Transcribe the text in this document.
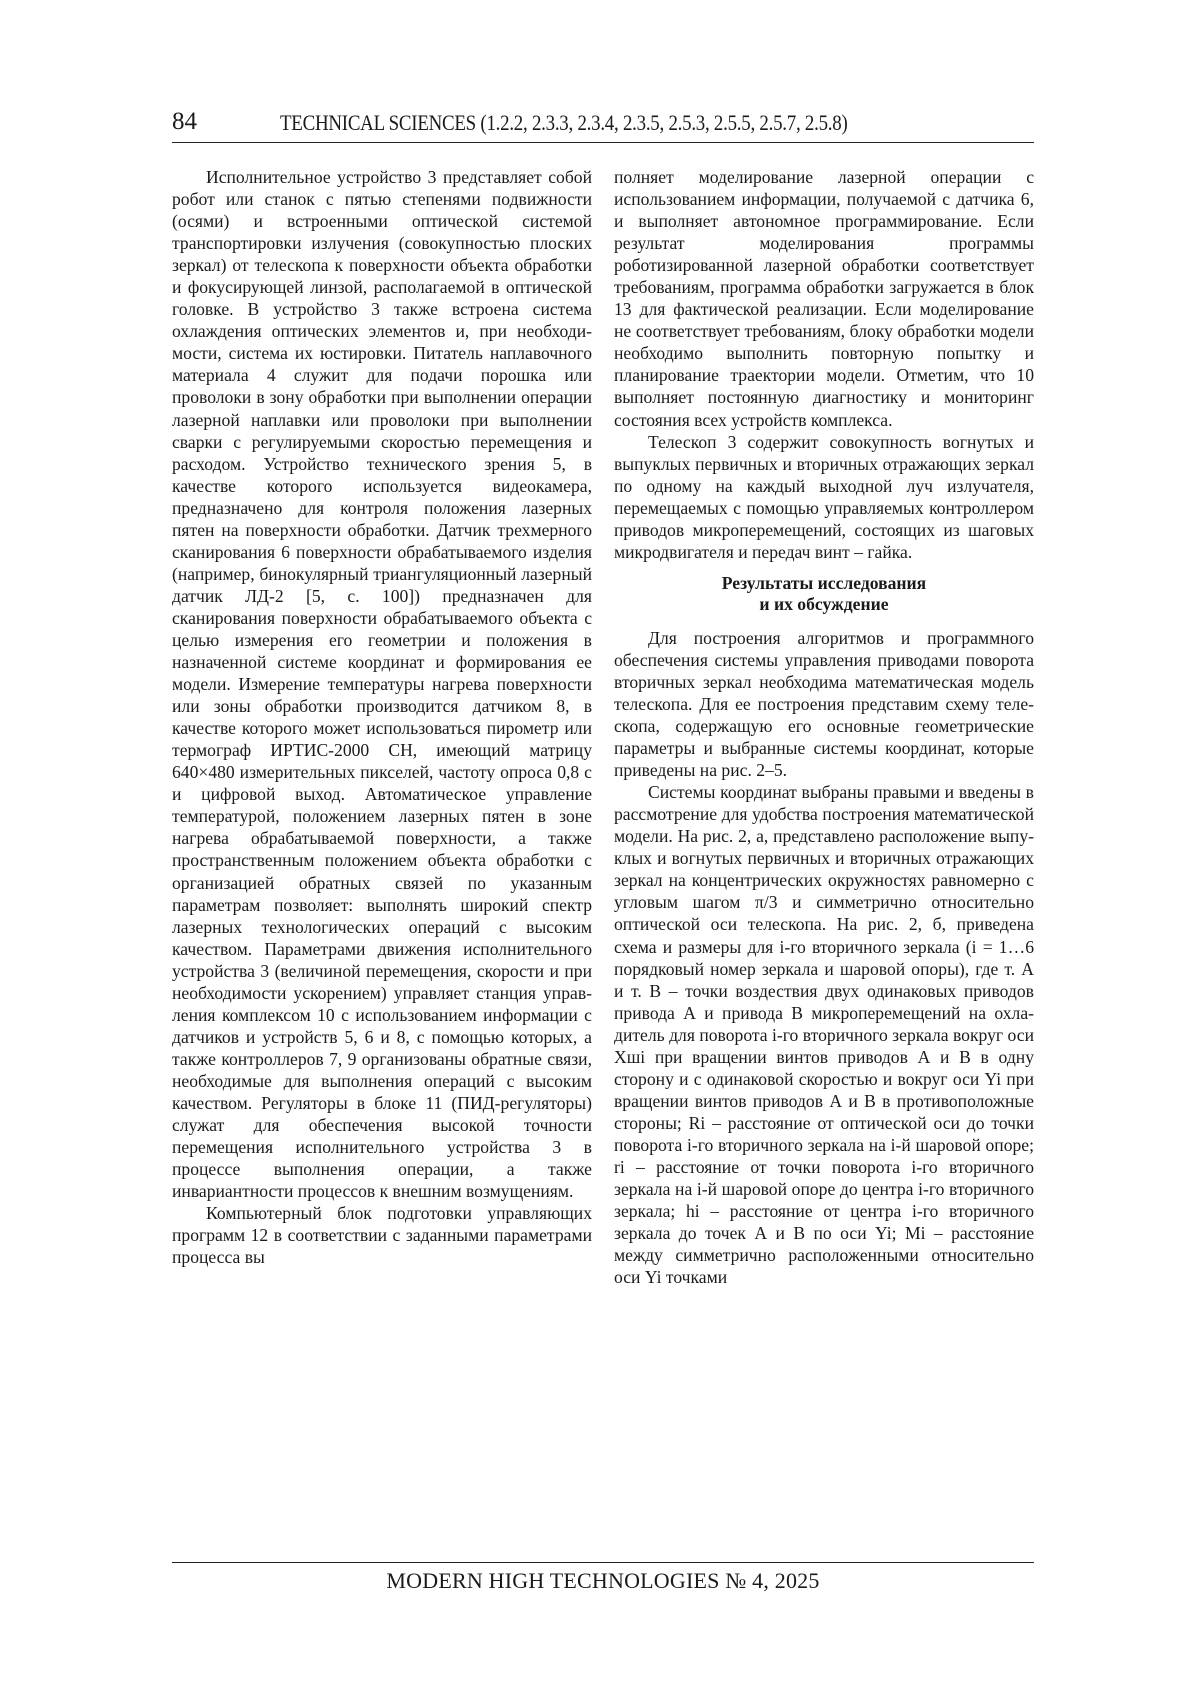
84	TECHNICAL SCIENCES (1.2.2, 2.3.3, 2.3.4, 2.3.5, 2.5.3, 2.5.5, 2.5.7, 2.5.8)

Исполнительное устройство 3 представляет собой робот или станок с пятью степенями подвижности (осями) и встроенными оптической системой транспортировки излучения (совокупностью плоских зеркал) от телескопа к поверхности объекта обработки и фокусирующей линзой, располагаемой в оптической головке. В устройство 3 также встроена система охлаждения оптических элементов и, при необходимости, система их юстировки. Питатель наплавочного материала 4 служит для подачи порошка или проволоки в зону обработки при выполнении операции лазерной наплавки или проволоки при выполнении сварки с регулируемыми скоростью перемещения и расходом. Устройство технического зрения 5, в качестве которого используется видеокамера, предназначено для контроля положения лазерных пятен на поверхности обработки. Датчик трехмерного сканирования 6 поверхности обрабатываемого изделия (например, бинокулярный триангуляционный лазерный датчик ЛД-2 [5, с. 100]) предназначен для сканирования поверхности обрабатываемого объекта с целью измерения его геометрии и положения в назначенной системе координат и формирования ее модели. Измерение температуры нагрева поверхности или зоны обработки производится датчиком 8, в качестве которого может использоваться пирометр или термограф ИРТИС-2000 СН, имеющий матрицу 640×480 измерительных пикселей, частоту опроса 0,8 с и цифровой выход. Автоматическое управление температурой, положением лазерных пятен в зоне нагрева обрабатываемой поверхности, а также пространственным положением объекта обработки с организацией обратных связей по указанным параметрам позволяет: выполнять широкий спектр лазерных технологических операций с высоким качеством. Параметрами движения исполнительного устройства 3 (величиной перемещения, скорости и при необходимости ускорением) управляет станция управления комплексом 10 с использованием информации с датчиков и устройств 5, 6 и 8, с помощью которых, а также контроллеров 7, 9 организованы обратные связи, необходимые для выполнения операций с высоким качеством. Регуляторы в блоке 11 (ПИД-регуляторы) служат для обеспечения высокой точности перемещения исполнительного устройства 3 в процессе выполнения операции, а также инвариантности процессов к внешним возмущениям.

Компьютерный блок подготовки управляющих программ 12 в соответствии с заданными параметрами процесса вы

полняет моделирование лазерной операции с использованием информации, получаемой с датчика 6, и выполняет автономное программирование. Если результат моделирования программы роботизированной лазерной обработки соответствует требованиям, программа обработки загружается в блок 13 для фактической реализации. Если моделирование не соответствует требованиям, блоку обработки модели необходимо выполнить повторную попытку и планирование траектории модели. Отметим, что 10 выполняет постоянную диагностику и мониторинг состояния всех устройств комплекса.

Телескоп 3 содержит совокупность вогнутых и выпуклых первичных и вторичных отражающих зеркал по одному на каждый выходной луч излучателя, перемещаемых с помощью управляемых контроллером приводов микроперемещений, состоящих из шаговых микродвигателя и передач винт – гайка.

Результаты исследования
и их обсуждение

Для построения алгоритмов и программного обеспечения системы управления приводами поворота вторичных зеркал необходима математическая модель телескопа. Для ее построения представим схему телескопа, содержащую его основные геометрические параметры и выбранные системы координат, которые приведены на рис. 2–5.

Системы координат выбраны правыми и введены в рассмотрение для удобства построения математической модели. На рис. 2, а, представлено расположение выпуклых и вогнутых первичных и вторичных отражающих зеркал на концентрических окружностях равномерно с угловым шагом π/3 и симметрично относительно оптической оси телескопа. На рис. 2, б, приведена схема и размеры для i-го вторичного зеркала (i = 1…6 порядковый номер зеркала и шаровой опоры), где т. А и т. В – точки воздествия двух одинаковых приводов привода А и привода В микроперемещений на охладитель для поворота i-го вторичного зеркала вокруг оси Xшi при вращении винтов приводов А и В в одну сторону и с одинаковой скоростью и вокруг оси Yi при вращении винтов приводов А и В в противоположные стороны; Ri – расстояние от оптической оси до точки поворота i-го вторичного зеркала на i-й шаровой опоре; ri – расстояние от точки поворота i-го вторичного зеркала на i-й шаровой опоре до центра i-го вторичного зеркала; hi – расстояние от центра i-го вторичного зеркала до точек А и В по оси Yi; Mi – расстояние между симметрично расположенными относительно оси Yi точками

MODERN HIGH TECHNOLOGIES № 4, 2025
